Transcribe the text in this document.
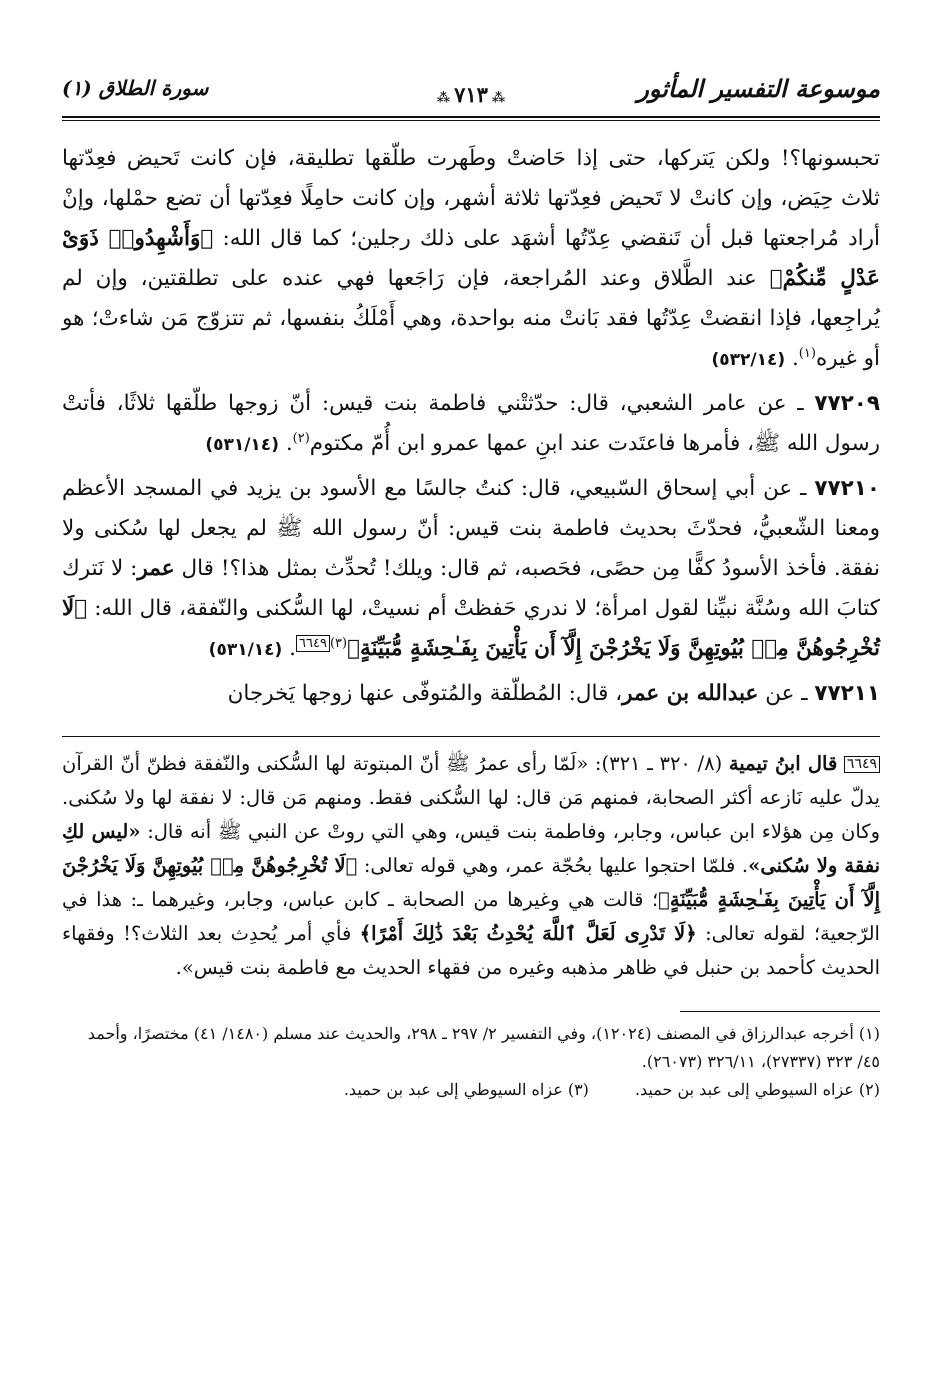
موسوعة التفسير المأثور
⁂٧١٣⁂
سورة الطلاق (١)

تحبسونها؟! ولكن يَتركها، حتى إذا حَاضتْ وطَهرت طلّقها تطليقة، فإن كانت تَحيض فعِدّتها ثلاث حِيَض، وإن كانتْ لا تَحيض فعِدّتها ثلاثة أشهر، وإن كانت حامِلًا فعِدّتها أن تضع حمْلها، وإنْ أراد مُراجعتها قبل أن تَنقضي عِدّتُها أشهَد على ذلك رجلين؛ كما قال الله: ﴿وَأَشْهِدُوا۟ ذَوَىْ عَدْلٍ مِّنكُمْ﴾ عند الطَّلاق وعند المُراجعة، فإن رَاجَعها فهي عنده على تطلقتين، وإن لم يُراجِعها، فإذا انقضتْ عِدّتُها فقد بَانتْ منه بواحدة، وهي أَمْلَكُ بنفسها، ثم تتزوّج مَن شاءتْ؛ هو أو غيره$^{(١)}$. (٥٣٢/١٤)

٧٧٢٠٩ ـ عن عامر الشعبي، قال: حدّثتْني فاطمة بنت قيس: أنّ زوجها طلّقها ثلاثًا، فأتتْ رسول الله ﷺ، فأمرها فاعتَدت عند ابنِ عمها عمرو ابن أُمّ مكتوم$^{(٢)}$. (٥٣١/١٤)

٧٧٢١٠ ـ عن أبي إسحاق السّبيعي، قال: كنتُ جالسًا مع الأسود بن يزيد في المسجد الأعظم ومعنا الشّعبيُّ، فحدّثَ بحديث فاطمة بنت قيس: أنّ رسول الله ﷺ لم يجعل لها سُكنى ولا نفقة. فأخذ الأسودُ كفًّا مِن حصًى، فحَصبه، ثم قال: ويلك! تُحدِّث بمثل هذا؟! قال عمر: لا نَترك كتابَ الله وسُنَّة نبيِّنا لقول امرأة؛ لا ندري حَفظتْ أم نسيتْ، لها السُّكنى والنّفقة، قال الله: ﴿لَا تُخْرِجُوهُنَّ مِنۢ بُيُوتِهِنَّ وَلَا يَخْرُجْنَ إِلَّآ أَن يَأْتِينَ بِفَـٰحِشَةٍ مُّبَيِّنَةٍ﴾$^{(٣)}$٦٦٤٩. (٥٣١/١٤)

٧٧٢١١ ـ عن عبدالله بن عمر، قال: المُطلّقة والمُتوفّى عنها زوجها يَخرجان

٦٦٤٩ قال ابنُ تيمية (٨/ ٣٢٠ ـ ٣٢١): «لَمّا رأى عمرُ ﷺ أنّ المبتوتة لها السُّكنى والنّفقة فظنّ أنّ القرآن يدلّ عليه نَازعه أكثر الصحابة، فمنهم مَن قال: لها السُّكنى فقط. ومنهم مَن قال: لا نفقة لها ولا سُكنى. وكان مِن هؤلاء ابن عباس، وجابر، وفاطمة بنت قيس، وهي التي روتْ عن النبي ﷺ أنه قال: «ليس لكِ نفقة ولا سُكنى». فلمّا احتجوا عليها بحُجّة عمر، وهي قوله تعالى: ﴿لَا تُخْرِجُوهُنَّ مِنۢ بُيُوتِهِنَّ وَلَا يَخْرُجْنَ إِلَّآ أَن يَأْتِينَ بِفَـٰحِشَةٍ مُّبَيِّنَةٍ﴾؛ قالت هي وغيرها من الصحابة ـ كابن عباس، وجابر، وغيرهما ـ: هذا في الرّجعية؛ لقوله تعالى: ﴿لَا تَدْرِى لَعَلَّ ٱللَّهَ يُحْدِثُ بَعْدَ ذَٰلِكَ أَمْرًا﴾ فأي أمر يُحدِث بعد الثلاث؟! وفقهاء الحديث كأحمد بن حنبل في ظاهر مذهبه وغيره من فقهاء الحديث مع فاطمة بنت قيس».

(١) أخرجه عبدالرزاق في المصنف (١٢٠٢٤)، وفي التفسير ٢/ ٢٩٧ ـ ٢٩٨، والحديث عند مسلم (١٤٨٠/ ٤١) مختصرًا، وأحمد ٤٥/ ٣٢٣ (٢٧٣٣٧)، ٣٢٦/١١ (٢٦٠٧٣).

(٢) عزاه السيوطي إلى عبد بن حميد.
(٣) عزاه السيوطي إلى عبد بن حميد.
